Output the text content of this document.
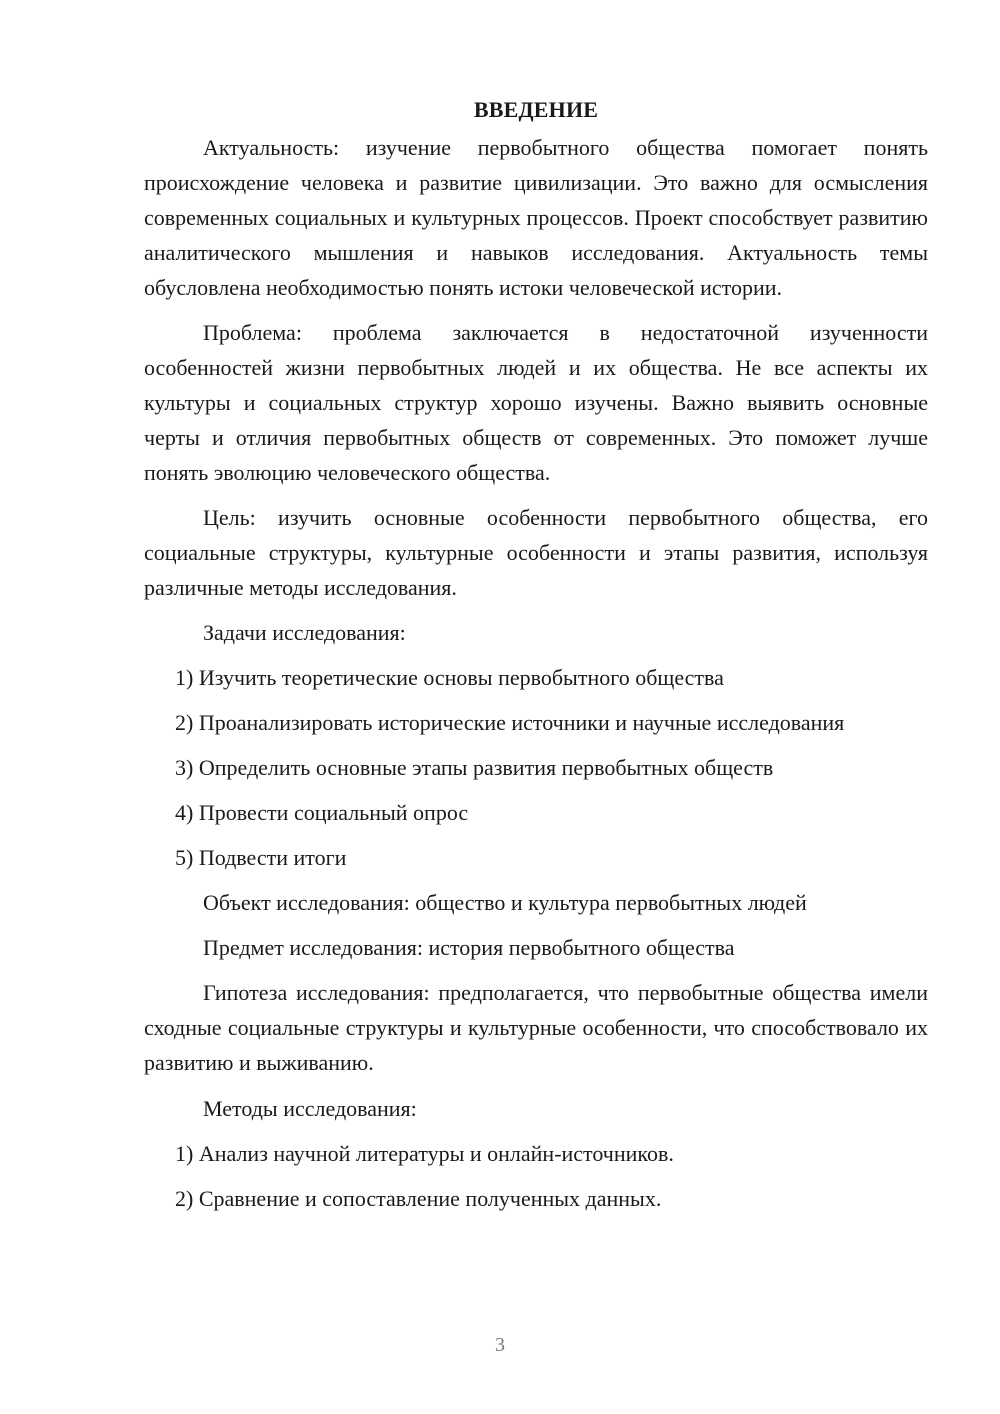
ВВЕДЕНИЕ

Актуальность: изучение первобытного общества помогает понять происхождение человека и развитие цивилизации. Это важно для осмысления современных социальных и культурных процессов. Проект способствует развитию аналитического мышления и навыков исследования. Актуальность темы обусловлена необходимостью понять истоки человеческой истории.

Проблема: проблема заключается в недостаточной изученности особенностей жизни первобытных людей и их общества. Не все аспекты их культуры и социальных структур хорошо изучены. Важно выявить основные черты и отличия первобытных обществ от современных. Это поможет лучше понять эволюцию человеческого общества.

Цель: изучить основные особенности первобытного общества, его социальные структуры, культурные особенности и этапы развития, используя различные методы исследования.

Задачи исследования:

1) Изучить теоретические основы первобытного общества

2) Проанализировать исторические источники и научные исследования

3) Определить основные этапы развития первобытных обществ

4) Провести социальный опрос

5) Подвести итоги

Объект исследования: общество и культура первобытных людей

Предмет исследования: история первобытного общества

Гипотеза исследования: предполагается, что первобытные общества имели сходные социальные структуры и культурные особенности, что способствовало их развитию и выживанию.

Методы исследования:

1) Анализ научной литературы и онлайн-источников.

2) Сравнение и сопоставление полученных данных.

3
